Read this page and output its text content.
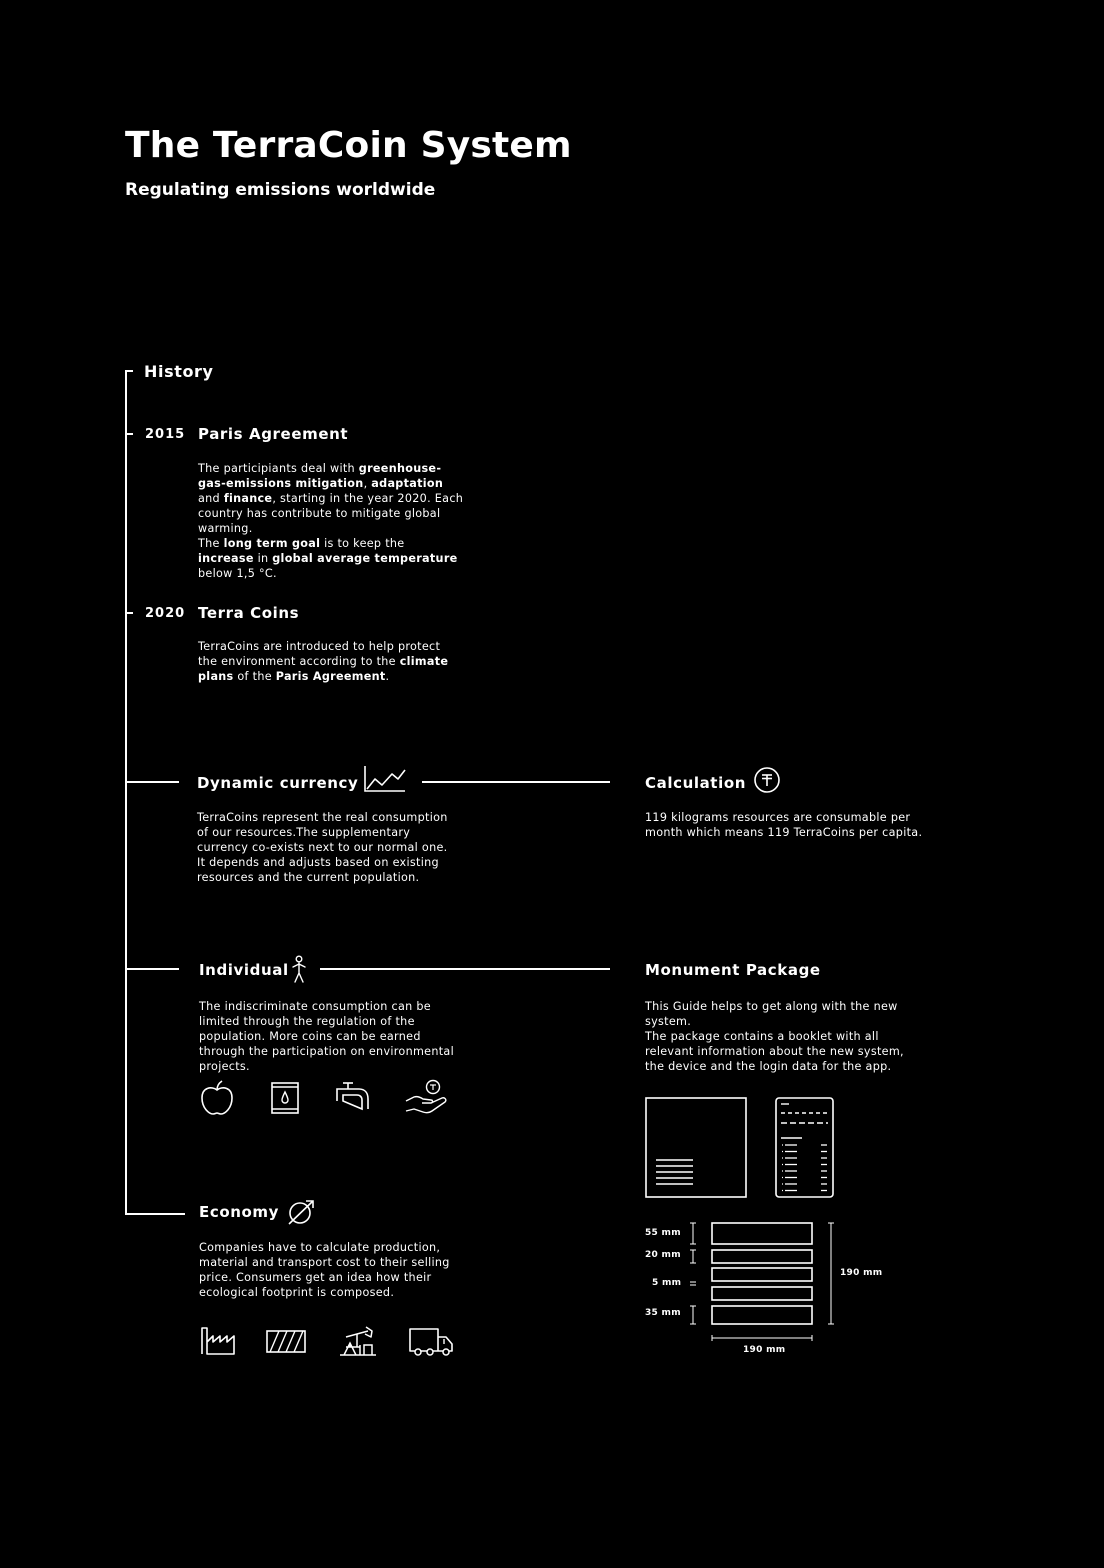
The TerraCoin System

Regulating emissions worldwide

History
2015 Paris Agreement

The participiants deal with greenhouse-gas-emissions mitigation, adaptation and finance, starting in the year 2020. Each country has contribute to mitigate global warming.
The long term goal is to keep the increase in global average temperature below 1,5 °C.

2020 Terra Coins

TerraCoins are introduced to help protect the environment according to the climate plans of the Paris Agreement.

Dynamic currency

TerraCoins represent the real consumption of our resources.The supplementary currency co-exists next to our normal one. It depends and adjusts based on existing resources and the current population.

Calculation

119 kilograms resources are consumable per month which means 119 TerraCoins per capita.

Individual

The indiscriminate consumption can be limited through the regulation of the population. More coins can be earned through the participation on environmental projects.

Monument Package

This Guide helps to get along with the new system.
The package contains a booklet with all relevant information about the new system, the device and the login data for the app.

55 mm
20 mm
5 mm
35 mm
190 mm
190 mm
Economy

Companies have to calculate production, material and transport cost to their selling price. Consumers get an idea how their ecological footprint is composed.
